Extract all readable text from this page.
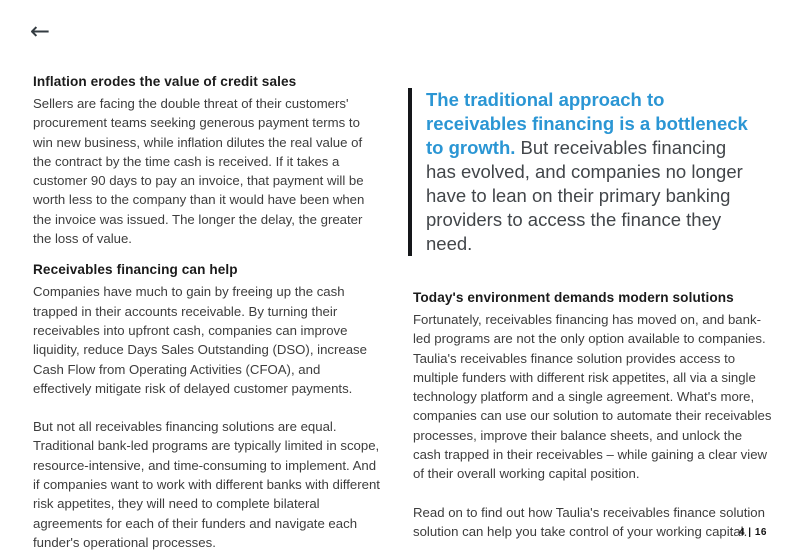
←
Inflation erodes the value of credit sales
Sellers are facing the double threat of their customers' procurement teams seeking generous payment terms to win new business, while inflation dilutes the real value of the contract by the time cash is received. If it takes a customer 90 days to pay an invoice, that payment will be worth less to the company than it would have been when the invoice was issued. The longer the delay, the greater the loss of value.
Receivables financing can help
Companies have much to gain by freeing up the cash trapped in their accounts receivable. By turning their receivables into upfront cash, companies can improve liquidity, reduce Days Sales Outstanding (DSO), increase Cash Flow from Operating Activities (CFOA), and effectively mitigate risk of delayed customer payments.
But not all receivables financing solutions are equal. Traditional bank-led programs are typically limited in scope, resource-intensive, and time-consuming to implement. And if companies want to work with different banks with different risk appetites, they will need to complete bilateral agreements for each of their funders and navigate each funder's operational processes.
The traditional approach to receivables financing is a bottleneck to growth. But receivables financing has evolved, and companies no longer have to lean on their primary banking providers to access the finance they need.
Today's environment demands modern solutions
Fortunately, receivables financing has moved on, and bank-led programs are not the only option available to companies. Taulia's receivables finance solution provides access to multiple funders with different risk appetites, all via a single technology platform and a single agreement. What's more, companies can use our solution to automate their receivables processes, improve their balance sheets, and unlock the cash trapped in their receivables – while gaining a clear view of their overall working capital position.
Read on to find out how Taulia's receivables finance solution solution can help you take control of your working capital.
4 | 16
